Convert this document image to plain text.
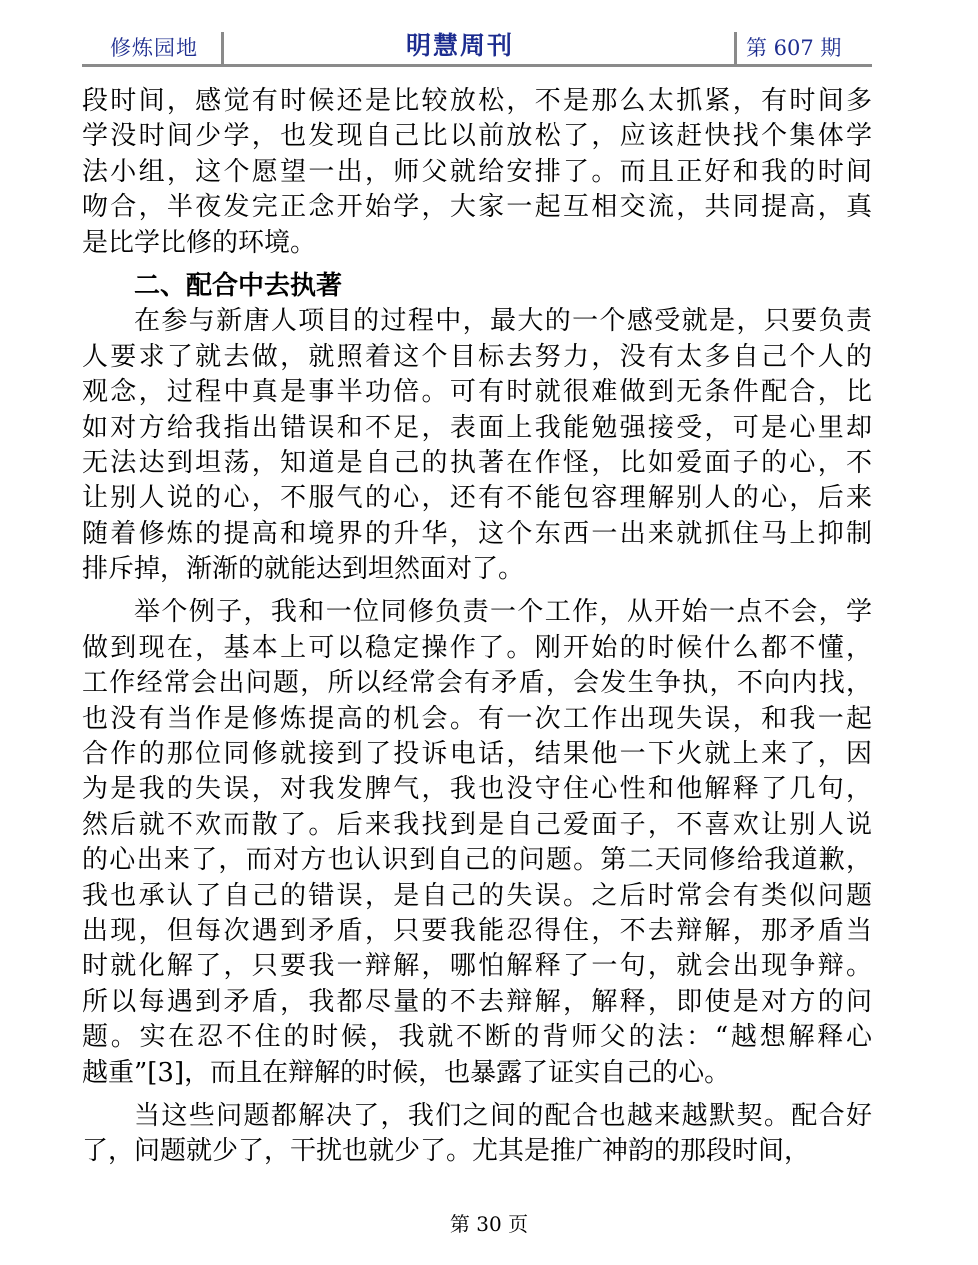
修炼园地	明慧周刊	第 607 期
段时间，感觉有时候还是比较放松，不是那么太抓紧，有时间多
学没时间少学，也发现自己比以前放松了，应该赶快找个集体学
法小组，这个愿望一出，师父就给安排了。而且正好和我的时间
吻合，半夜发完正念开始学，大家一起互相交流，共同提高，真
是比学比修的环境。
二、配合中去执著
在参与新唐人项目的过程中，最大的一个感受就是，只要负责
人要求了就去做，就照着这个目标去努力，没有太多自己个人的
观念，过程中真是事半功倍。可有时就很难做到无条件配合，比
如对方给我指出错误和不足，表面上我能勉强接受，可是心里却
无法达到坦荡，知道是自己的执著在作怪，比如爱面子的心，不
让别人说的心，不服气的心，还有不能包容理解别人的心，后来
随着修炼的提高和境界的升华，这个东西一出来就抓住马上抑制
排斥掉，渐渐的就能达到坦然面对了。
举个例子，我和一位同修负责一个工作，从开始一点不会，学
做到现在，基本上可以稳定操作了。刚开始的时候什么都不懂，
工作经常会出问题，所以经常会有矛盾，会发生争执，不向内找，
也没有当作是修炼提高的机会。有一次工作出现失误，和我一起
合作的那位同修就接到了投诉电话，结果他一下火就上来了，因
为是我的失误，对我发脾气，我也没守住心性和他解释了几句，
然后就不欢而散了。后来我找到是自己爱面子，不喜欢让别人说
的心出来了，而对方也认识到自己的问题。第二天同修给我道歉，
我也承认了自己的错误，是自己的失误。之后时常会有类似问题
出现，但每次遇到矛盾，只要我能忍得住，不去辩解，那矛盾当
时就化解了，只要我一辩解，哪怕解释了一句，就会出现争辩。
所以每遇到矛盾，我都尽量的不去辩解，解释，即使是对方的问
题。实在忍不住的时候，我就不断的背师父的法：“越想解释心
越重”[3]，而且在辩解的时候，也暴露了证实自己的心。
当这些问题都解决了，我们之间的配合也越来越默契。配合好
了，问题就少了，干扰也就少了。尤其是推广神韵的那段时间，
第 30 页
